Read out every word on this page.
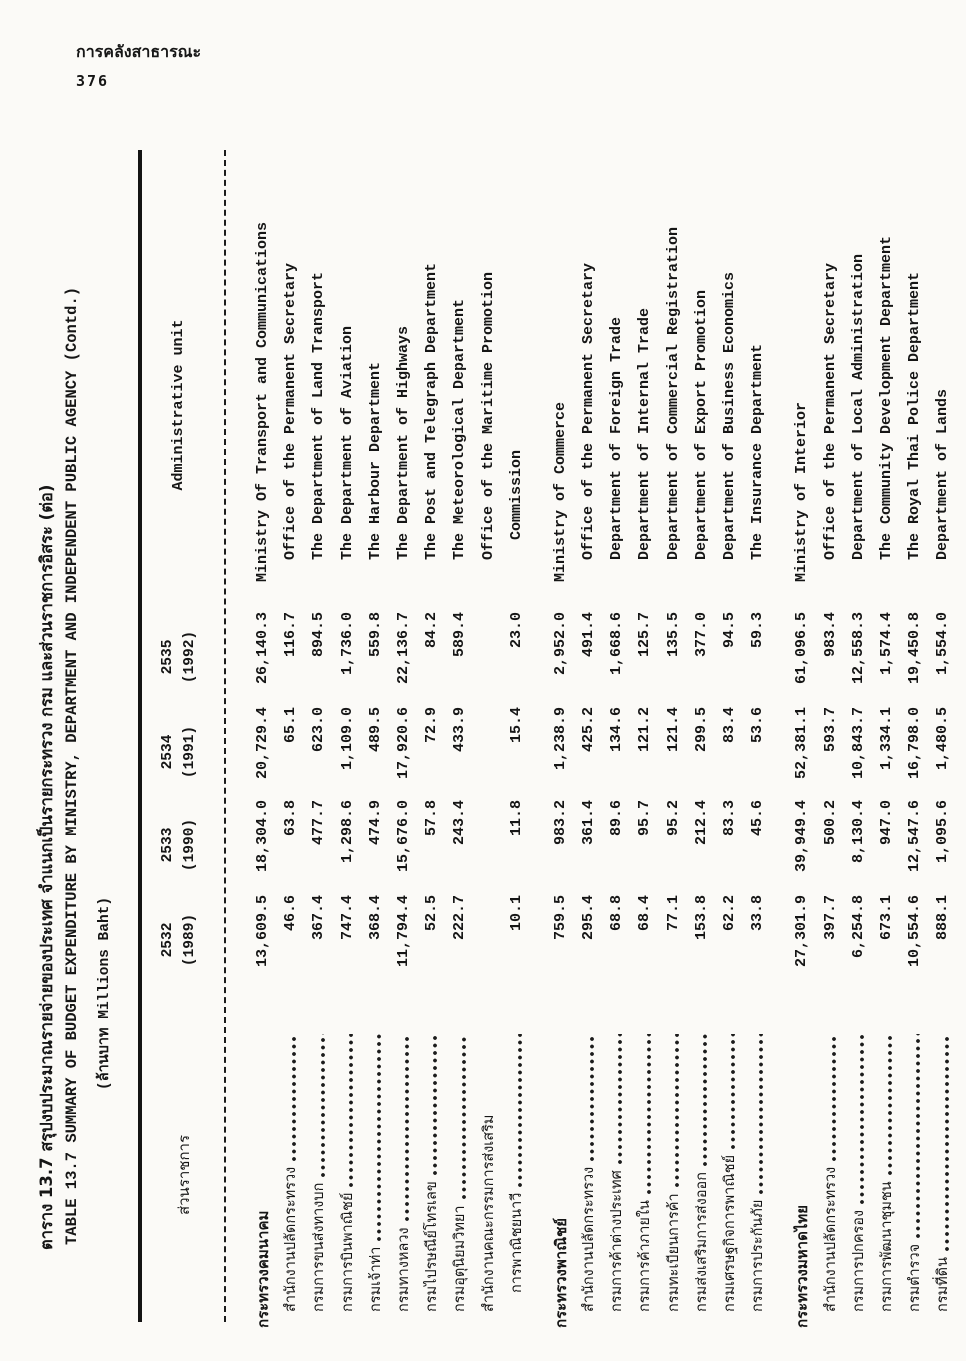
การคลังสาธารณะ
376
ตาราง 13.7 สรุปงบประมาณรายจ่ายของประเทศ จำแนกเป็นรายกระทรวง กรม และส่วนราชการอิสระ (ต่อ) TABLE 13.7 SUMMARY OF BUDGET EXPENDITURE BY MINISTRY, DEPARTMENT AND INDEPENDENT PUBLIC AGENCY (Contd.)	(ล้านบาท Millions Baht)
ส่วนราชการ
Administrative unit
2532 (1989)
2533 (1990)
2534 (1991)
2535 (1992)
กระทรวงคมนาคม
13,609.5
18,304.0
20,729.4
26,140.3
Ministry Of Transport and Communications
สำนักงานปลัดกระทรวง
46.6
63.8
65.1
116.7
Office of the Permanent Secretary
กรมการขนส่งทางบก
367.4
477.7
623.0
894.5
The Department of Land Transport
กรมการบินพาณิชย์
747.4
1,298.6
1,109.0
1,736.0
The Department of Aviation
กรมเจ้าท่า
368.4
474.9
489.5
559.8
The Harbour Department
กรมทางหลวง
11,794.4
15,676.0
17,920.6
22,136.7
The Department of Highways
กรมไปรษณีย์โทรเลข
52.5
57.8
72.9
84.2
The Post and Telegraph Department
กรมอุตุนิยมวิทยา
222.7
243.4
433.9
589.4
The Meteorological Department
สำนักงานคณะกรรมการส่งเสริม
Office of the Maritime Promotion
การพาณิชยนาวี
10.1
11.8
15.4
23.0
Commission
กระทรวงพาณิชย์
759.5
983.2
1,238.9
2,952.0
Ministry of Commerce
สำนักงานปลัดกระทรวง
295.4
361.4
425.2
491.4
Office of the Permanent Secretary
กรมการค้าต่างประเทศ
68.8
89.6
134.6
1,668.6
Department of Foreign Trade
กรมการค้าภายใน
68.4
95.7
121.2
125.7
Department of Internal Trade
กรมทะเบียนการค้า
77.1
95.2
121.4
135.5
Department of Commercial Registration
กรมส่งเสริมการส่งออก
153.8
212.4
299.5
377.0
Department of Export Promotion
กรมเศรษฐกิจการพาณิชย์
62.2
83.3
83.4
94.5
Department of Business Economics
กรมการประกันภัย
33.8
45.6
53.6
59.3
The Insurance Department
กระทรวงมหาดไทย
27,301.9
39,949.4
52,381.1
61,096.5
Ministry of Interior
สำนักงานปลัดกระทรวง
397.7
500.2
593.7
983.4
Office of the Permanent Secretary
กรมการปกครอง
6,254.8
8,130.4
10,843.7
12,558.3
Department of Local Administration
กรมการพัฒนาชุมชน
673.1
947.0
1,334.1
1,574.4
The Community Development Department
กรมตำรวจ
10,554.6
12,547.6
16,798.0
19,450.8
The Royal Thai Police Department
กรมที่ดิน
888.1
1,095.6
1,480.5
1,554.0
Department of Lands
